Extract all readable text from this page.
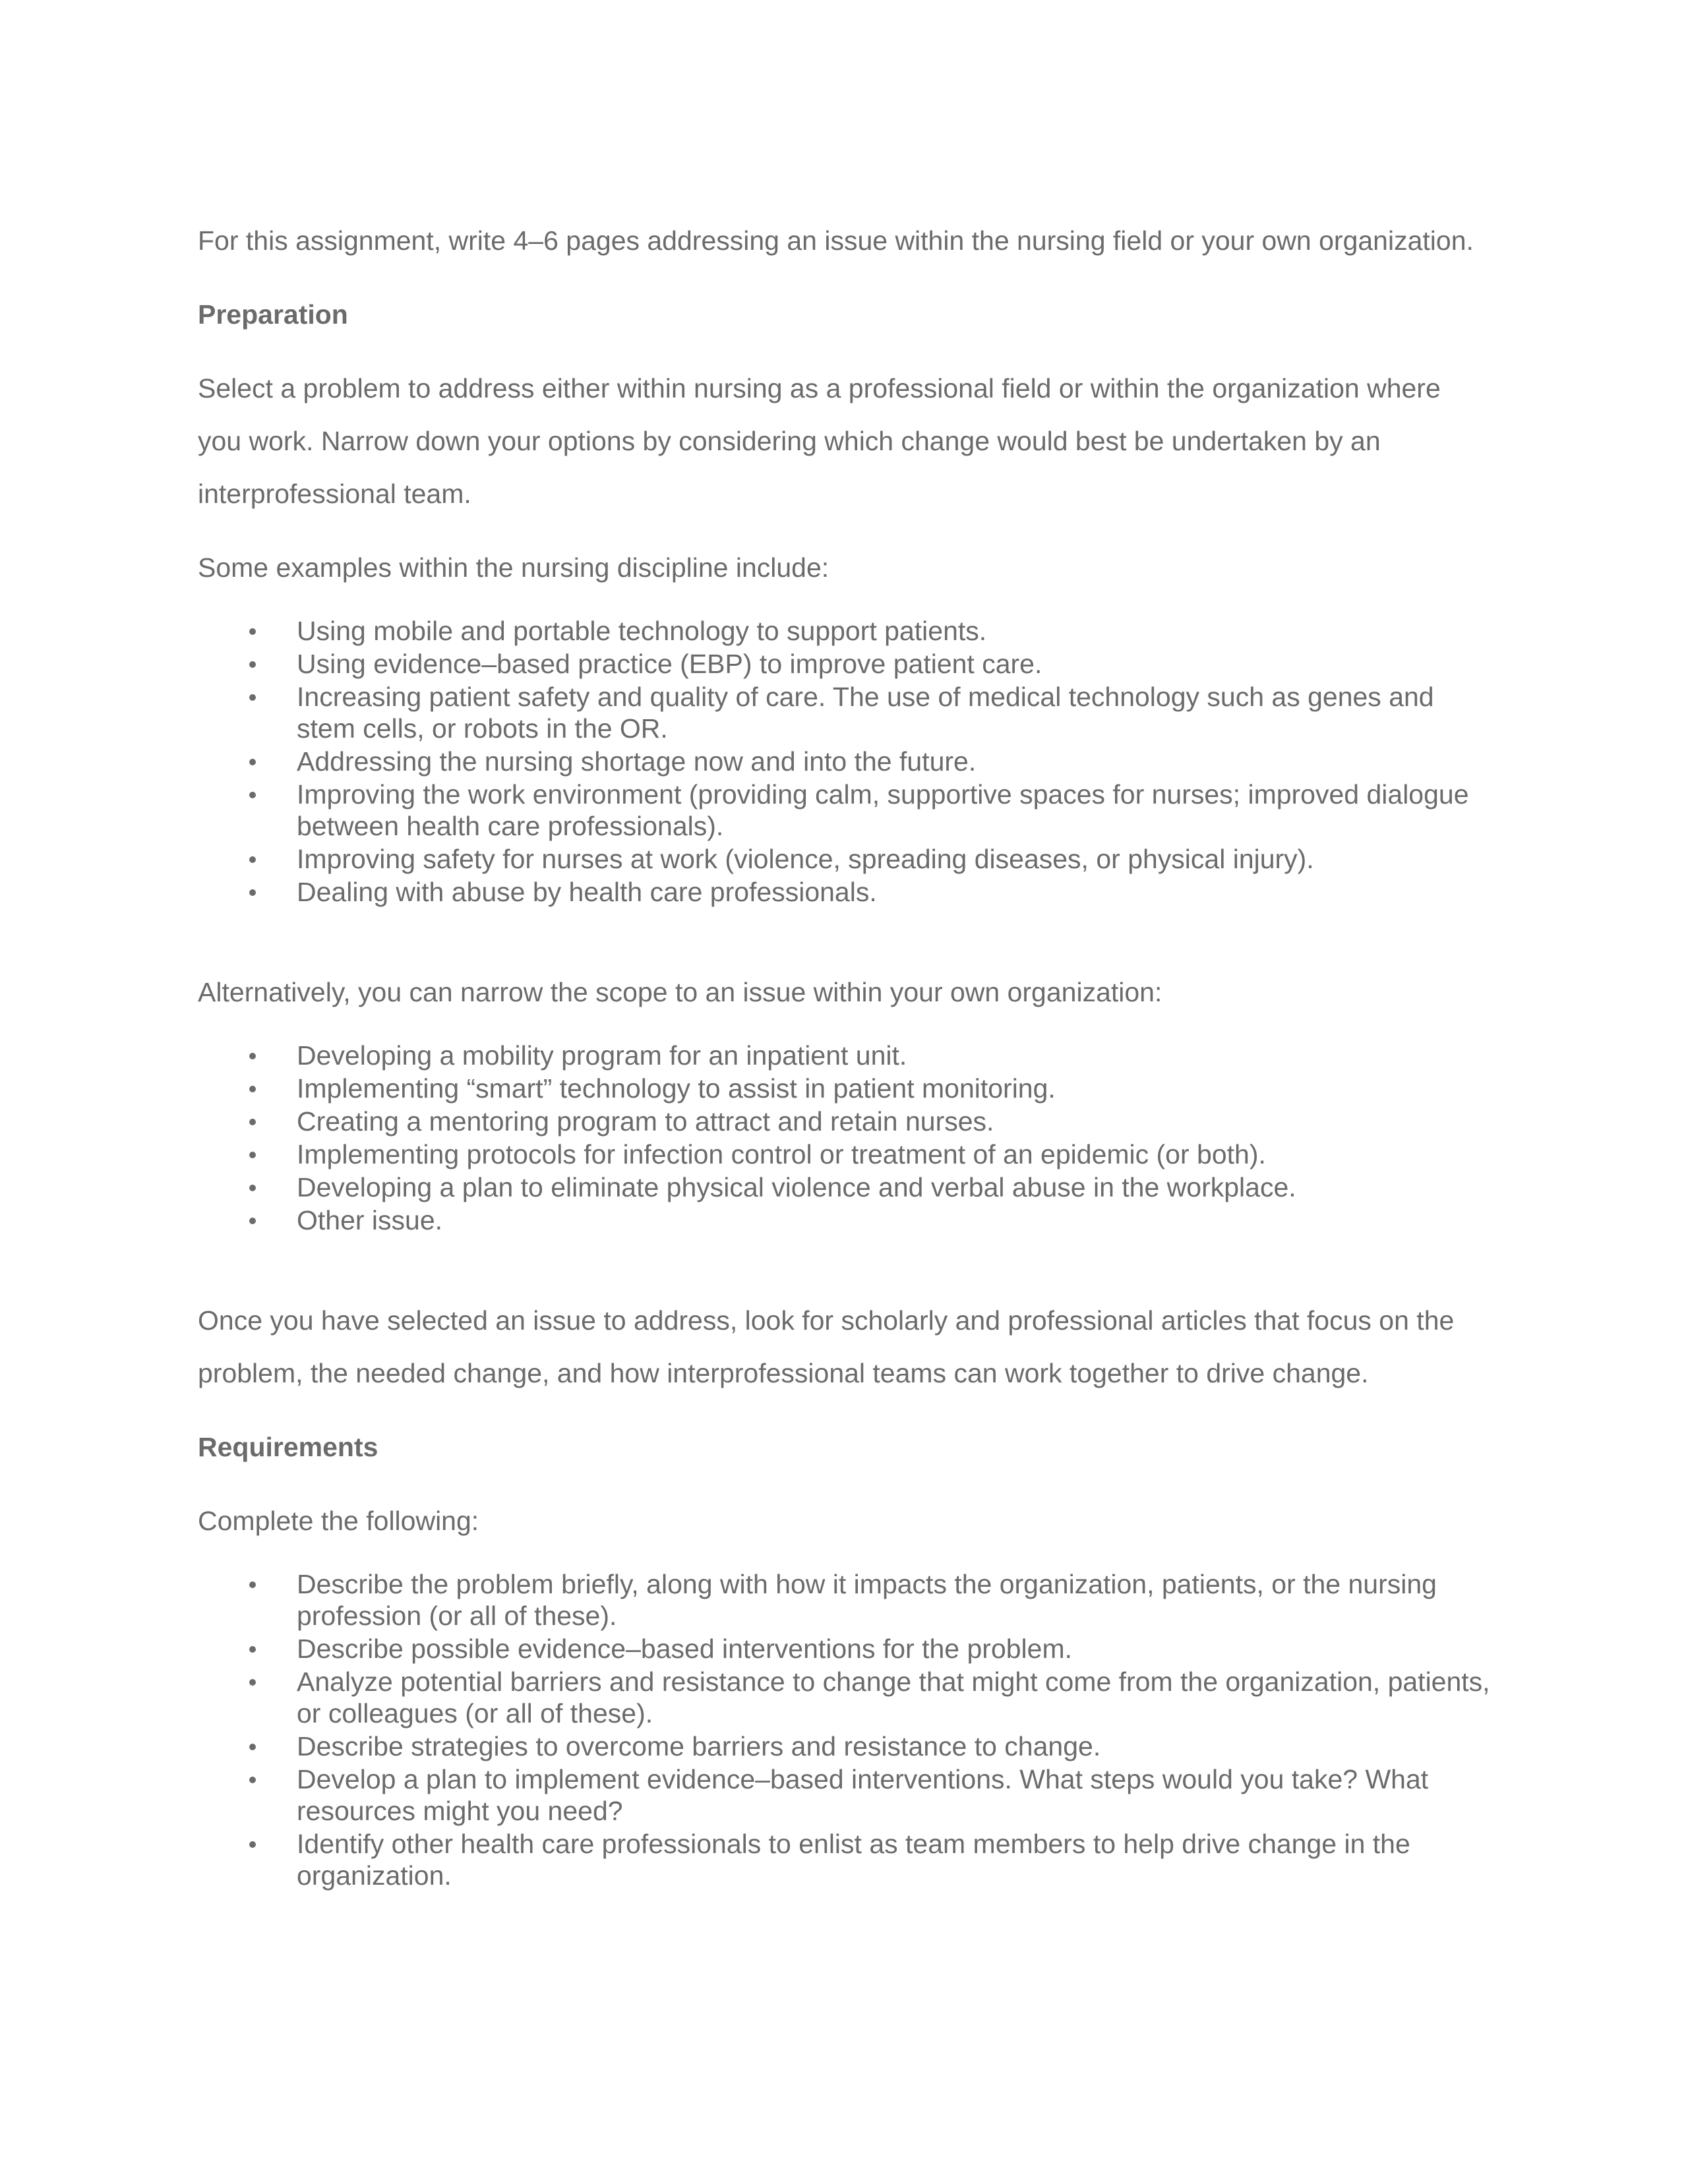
For this assignment, write 4–6 pages addressing an issue within the nursing field or your own organization.

Preparation

Select a problem to address either within nursing as a professional field or within the organization where you work. Narrow down your options by considering which change would best be undertaken by an interprofessional team.

Some examples within the nursing discipline include:

Using mobile and portable technology to support patients.
Using evidence–based practice (EBP) to improve patient care.
Increasing patient safety and quality of care. The use of medical technology such as genes and stem cells, or robots in the OR.
Addressing the nursing shortage now and into the future.
Improving the work environment (providing calm, supportive spaces for nurses; improved dialogue between health care professionals).
Improving safety for nurses at work (violence, spreading diseases, or physical injury).
Dealing with abuse by health care professionals.

Alternatively, you can narrow the scope to an issue within your own organization:

Developing a mobility program for an inpatient unit.
Implementing “smart” technology to assist in patient monitoring.
Creating a mentoring program to attract and retain nurses.
Implementing protocols for infection control or treatment of an epidemic (or both).
Developing a plan to eliminate physical violence and verbal abuse in the workplace.
Other issue.

Once you have selected an issue to address, look for scholarly and professional articles that focus on the problem, the needed change, and how interprofessional teams can work together to drive change.

Requirements

Complete the following:

Describe the problem briefly, along with how it impacts the organization, patients, or the nursing profession (or all of these).
Describe possible evidence–based interventions for the problem.
Analyze potential barriers and resistance to change that might come from the organization, patients, or colleagues (or all of these).
Describe strategies to overcome barriers and resistance to change.
Develop a plan to implement evidence–based interventions. What steps would you take? What resources might you need?
Identify other health care professionals to enlist as team members to help drive change in the organization.
